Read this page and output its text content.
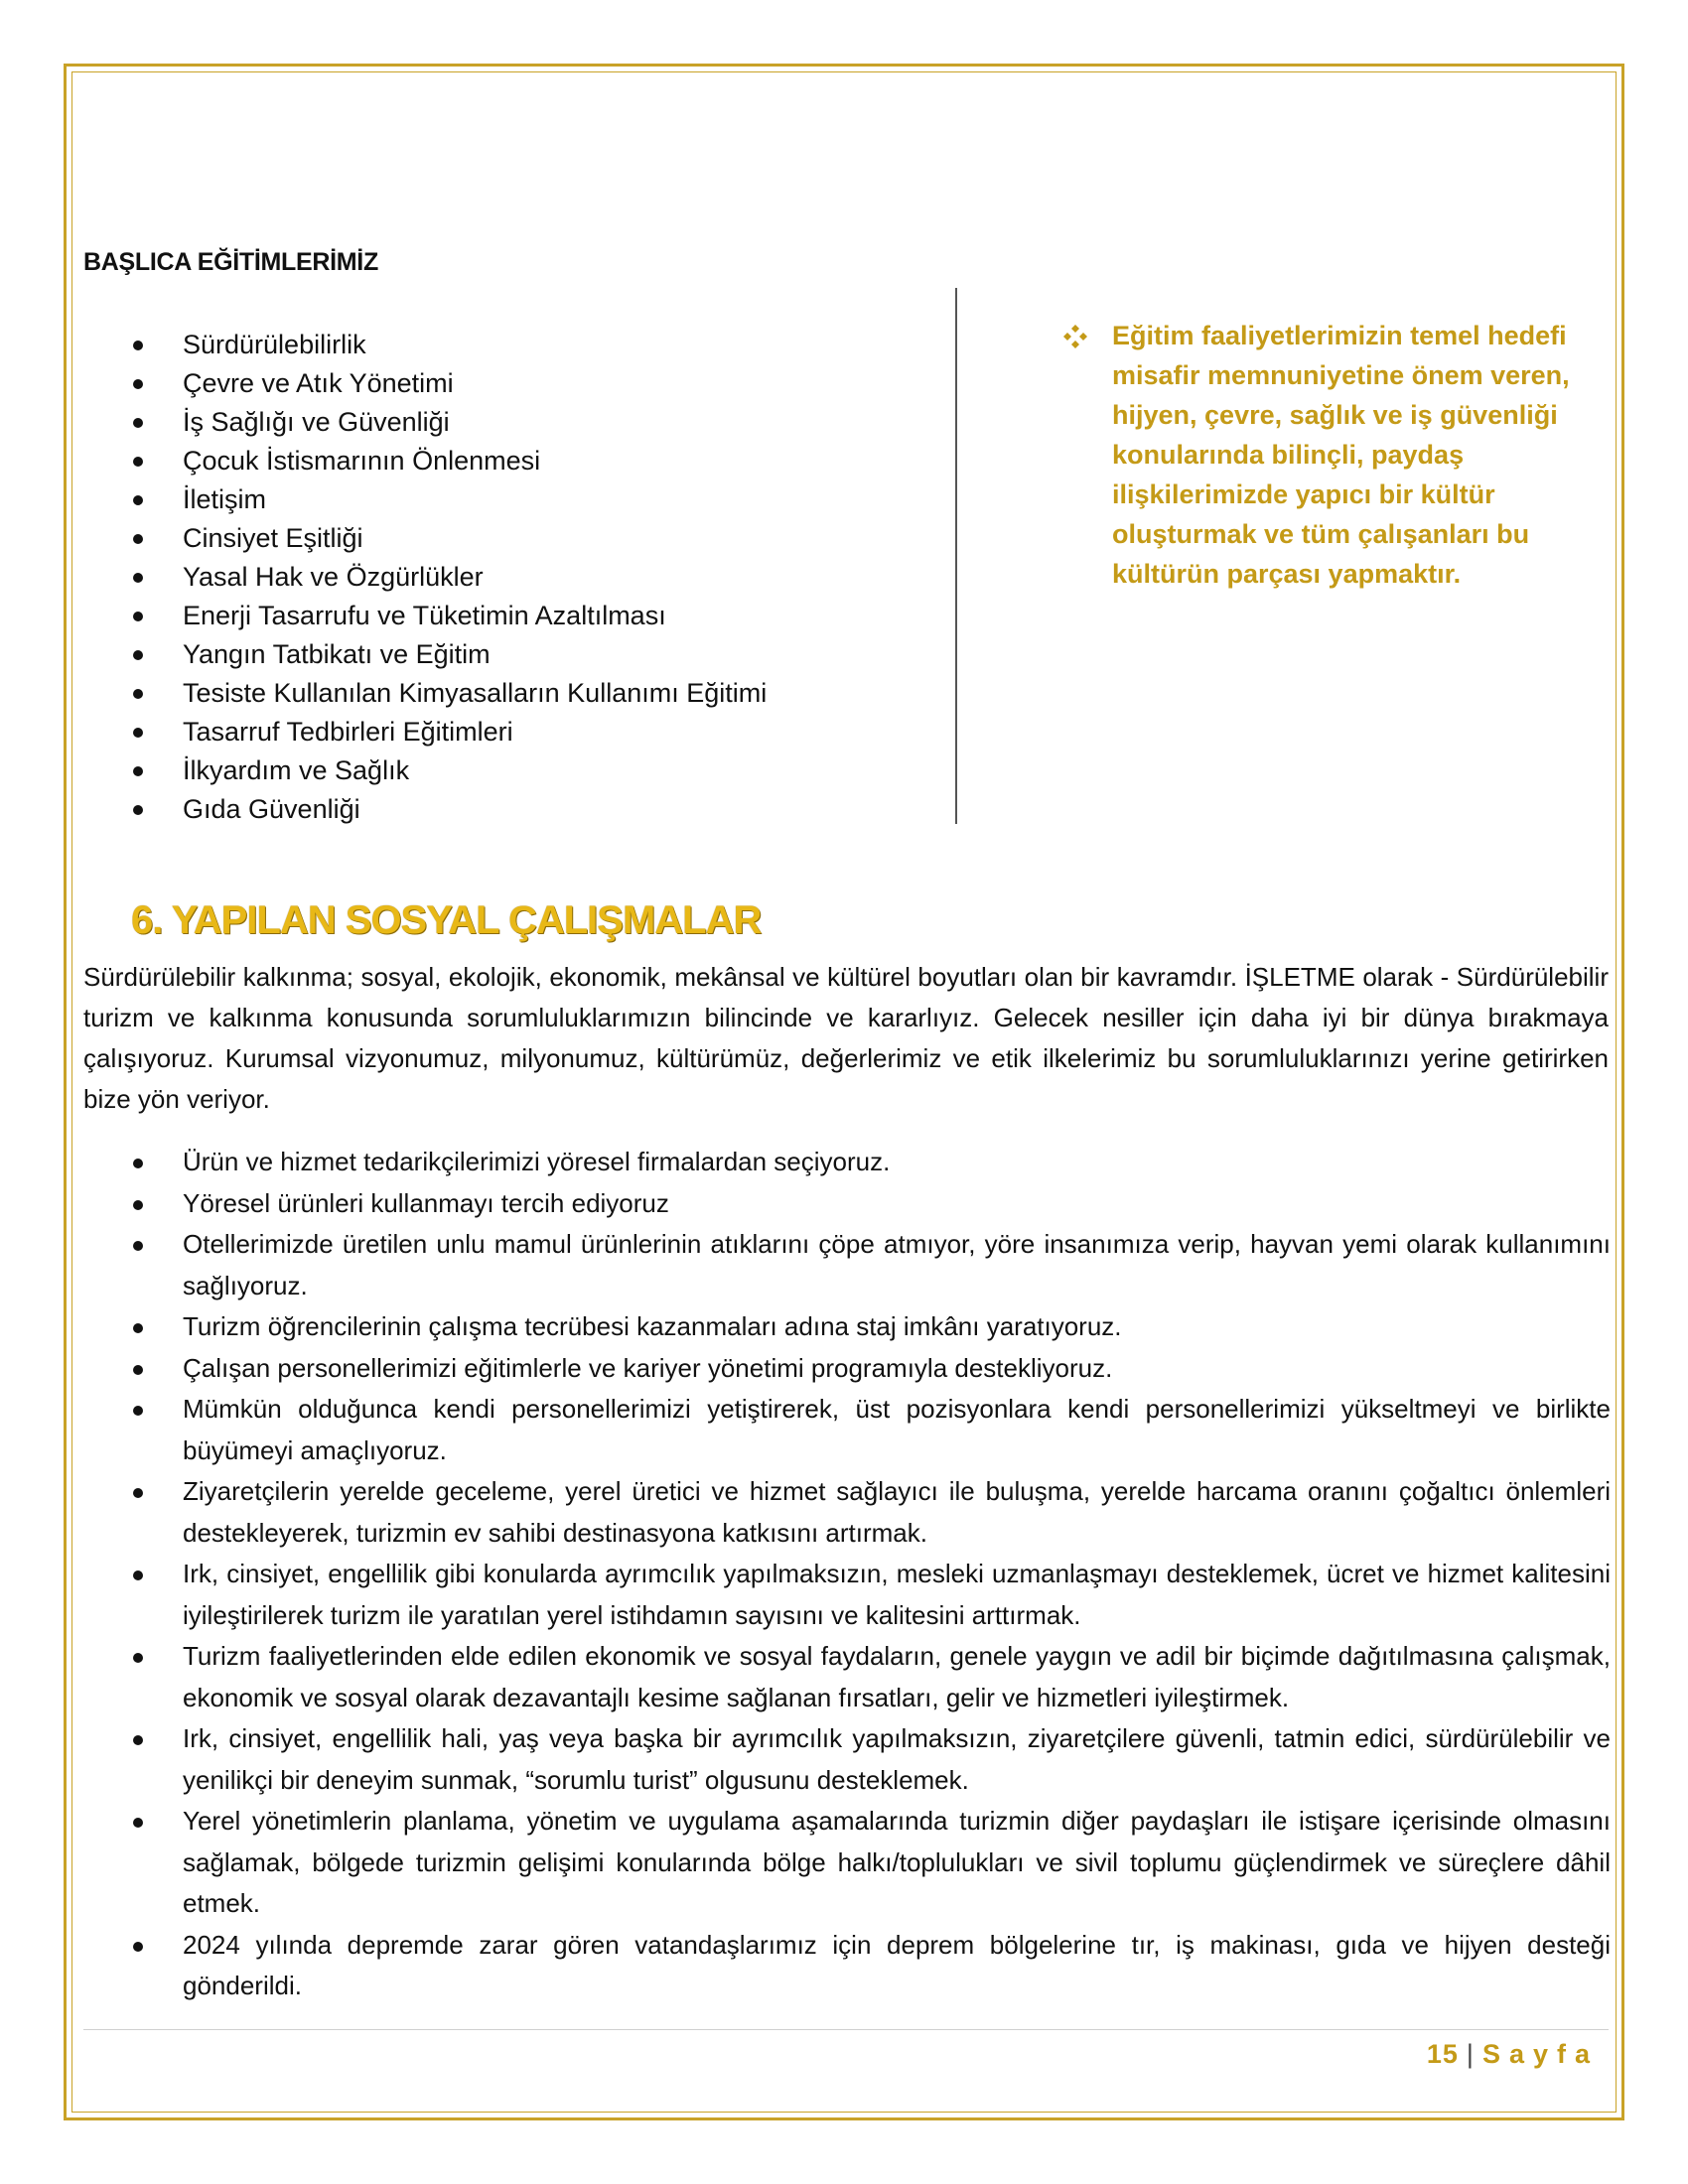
BAŞLICA EĞİTİMLERİMİZ
Sürdürülebilirlik
Çevre ve Atık Yönetimi
İş Sağlığı ve Güvenliği
Çocuk İstismarının Önlenmesi
İletişim
Cinsiyet Eşitliği
Yasal Hak ve Özgürlükler
Enerji Tasarrufu ve Tüketimin Azaltılması
Yangın Tatbikatı ve Eğitim
Tesiste Kullanılan Kimyasalların Kullanımı Eğitimi
Tasarruf Tedbirleri Eğitimleri
İlkyardım ve Sağlık
Gıda Güvenliği
Eğitim faaliyetlerimizin temel hedefi misafir memnuniyetine önem veren, hijyen, çevre, sağlık ve iş güvenliği konularında bilinçli, paydaş ilişkilerimizde yapıcı bir kültür oluşturmak ve tüm çalışanları bu kültürün parçası yapmaktır.
6. YAPILAN SOSYAL ÇALIŞMALAR

Sürdürülebilir kalkınma; sosyal, ekolojik, ekonomik, mekânsal ve kültürel boyutları olan bir kavramdır. İŞLETME olarak - Sürdürülebilir turizm ve kalkınma konusunda sorumluluklarımızın bilincinde ve kararlıyız. Gelecek nesiller için daha iyi bir dünya bırakmaya çalışıyoruz. Kurumsal vizyonumuz, milyonumuz, kültürümüz, değerlerimiz ve etik ilkelerimiz bu sorumluluklarınızı yerine getirirken bize yön veriyor.

Ürün ve hizmet tedarikçilerimizi yöresel firmalardan seçiyoruz.
Yöresel ürünleri kullanmayı tercih ediyoruz
Otellerimizde üretilen unlu mamul ürünlerinin atıklarını çöpe atmıyor, yöre insanımıza verip, hayvan yemi olarak kullanımını sağlıyoruz.
Turizm öğrencilerinin çalışma tecrübesi kazanmaları adına staj imkânı yaratıyoruz.
Çalışan personellerimizi eğitimlerle ve kariyer yönetimi programıyla destekliyoruz.
Mümkün olduğunca kendi personellerimizi yetiştirerek, üst pozisyonlara kendi personellerimizi yükseltmeyi ve birlikte büyümeyi amaçlıyoruz.
Ziyaretçilerin yerelde geceleme, yerel üretici ve hizmet sağlayıcı ile buluşma, yerelde harcama oranını çoğaltıcı önlemleri destekleyerek, turizmin ev sahibi destinasyona katkısını artırmak.
Irk, cinsiyet, engellilik gibi konularda ayrımcılık yapılmaksızın, mesleki uzmanlaşmayı desteklemek, ücret ve hizmet kalitesini iyileştirilerek turizm ile yaratılan yerel istihdamın sayısını ve kalitesini arttırmak.
Turizm faaliyetlerinden elde edilen ekonomik ve sosyal faydaların, genele yaygın ve adil bir biçimde dağıtılmasına çalışmak, ekonomik ve sosyal olarak dezavantajlı kesime sağlanan fırsatları, gelir ve hizmetleri iyileştirmek.
Irk, cinsiyet, engellilik hali, yaş veya başka bir ayrımcılık yapılmaksızın, ziyaretçilere güvenli, tatmin edici, sürdürülebilir ve yenilikçi bir deneyim sunmak, “sorumlu turist” olgusunu desteklemek.
Yerel yönetimlerin planlama, yönetim ve uygulama aşamalarında turizmin diğer paydaşları ile istişare içerisinde olmasını sağlamak, bölgede turizmin gelişimi konularında bölge halkı/toplulukları ve sivil toplumu güçlendirmek ve süreçlere dâhil etmek.
2024 yılında depremde zarar gören vatandaşlarımız için deprem bölgelerine tır, iş makinası, gıda ve hijyen desteği gönderildi.
15 | Sayfa
